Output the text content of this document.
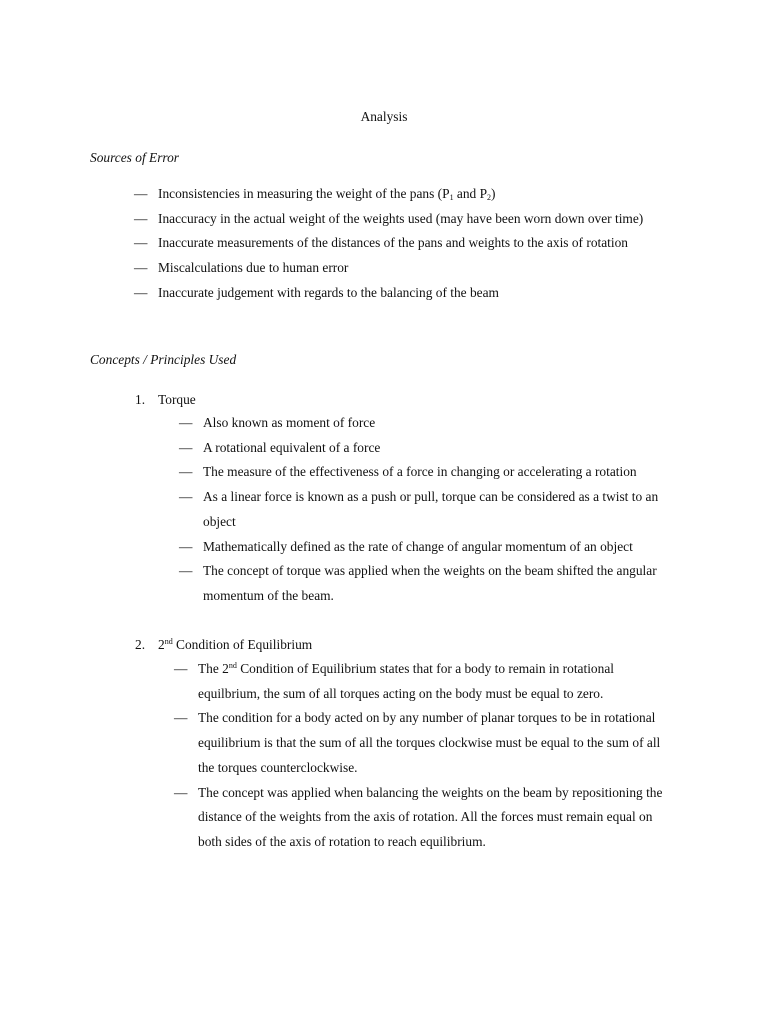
Analysis
Sources of Error
— Inconsistencies in measuring the weight of the pans ($P_1$ and $P_2$)
— Inaccuracy in the actual weight of the weights used (may have been worn down over time)
— Inaccurate measurements of the distances of the pans and weights to the axis of rotation
— Miscalculations due to human error
— Inaccurate judgement with regards to the balancing of the beam
Concepts / Principles Used
1. Torque
— Also known as moment of force
— A rotational equivalent of a force
— The measure of the effectiveness of a force in changing or accelerating a rotation
— As a linear force is known as a push or pull, torque can be considered as a twist to an
object
— Mathematically defined as the rate of change of angular momentum of an object
— The concept of torque was applied when the weights on the beam shifted the angular
momentum of the beam.
2. 2nd Condition of Equilibrium
— The 2nd Condition of Equilibrium states that for a body to remain in rotational
equilbrium, the sum of all torques acting on the body must be equal to zero.
— The condition for a body acted on by any number of planar torques to be in rotational
equilibrium is that the sum of all the torques clockwise must be equal to the sum of all
the torques counterclockwise.
— The concept was applied when balancing the weights on the beam by repositioning the
distance of the weights from the axis of rotation. All the forces must remain equal on
both sides of the axis of rotation to reach equilibrium.
